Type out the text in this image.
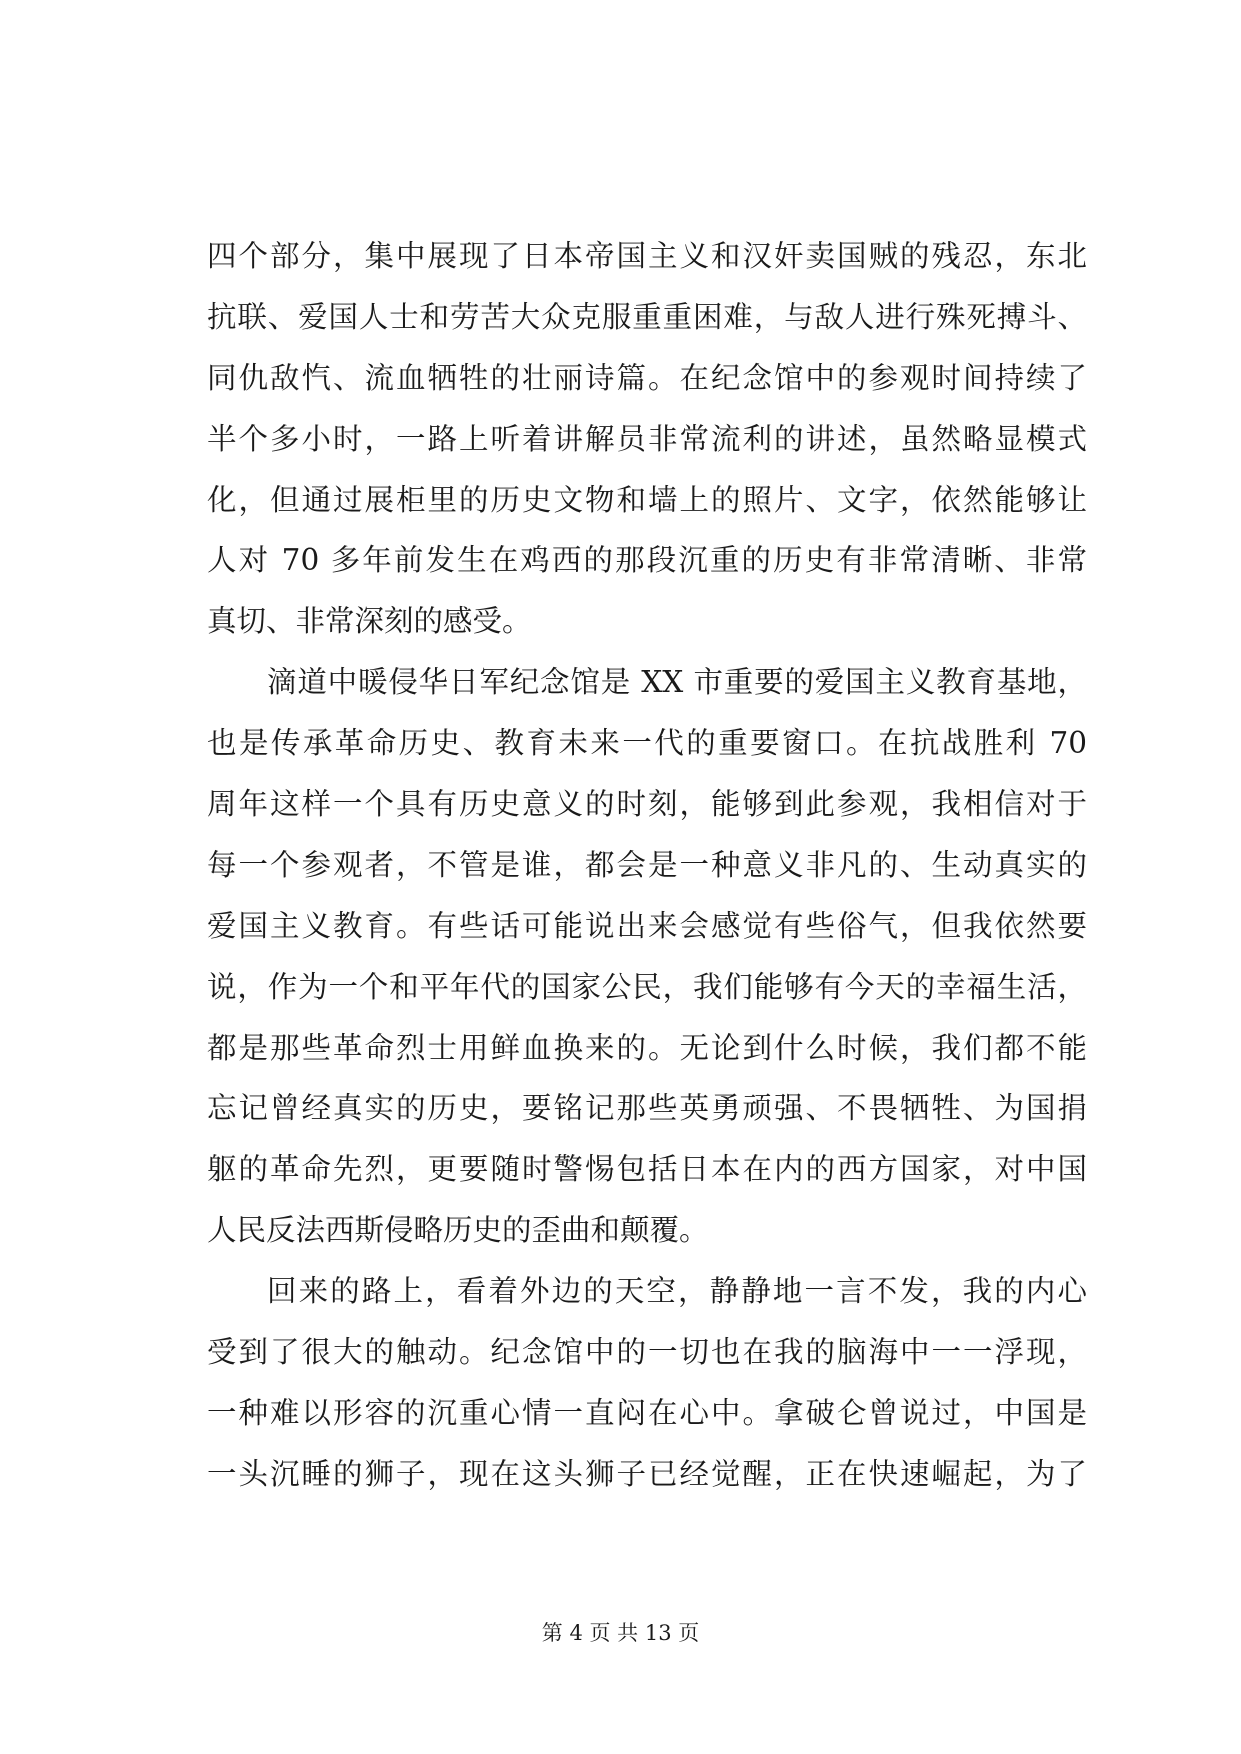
四个部分，集中展现了日本帝国主义和汉奸卖国贼的残忍，东北
抗联、爱国人士和劳苦大众克服重重困难，与敌人进行殊死搏斗、
同仇敌忾、流血牺牲的壮丽诗篇。在纪念馆中的参观时间持续了
半个多小时，一路上听着讲解员非常流利的讲述，虽然略显模式
化，但通过展柜里的历史文物和墙上的照片、文字，依然能够让
人对 70 多年前发生在鸡西的那段沉重的历史有非常清晰、非常
真切、非常深刻的感受。
滴道中暖侵华日军纪念馆是 XX 市重要的爱国主义教育基地，
也是传承革命历史、教育未来一代的重要窗口。在抗战胜利 70
周年这样一个具有历史意义的时刻，能够到此参观，我相信对于
每一个参观者，不管是谁，都会是一种意义非凡的、生动真实的
爱国主义教育。有些话可能说出来会感觉有些俗气，但我依然要
说，作为一个和平年代的国家公民，我们能够有今天的幸福生活，
都是那些革命烈士用鲜血换来的。无论到什么时候，我们都不能
忘记曾经真实的历史，要铭记那些英勇顽强、不畏牺牲、为国捐
躯的革命先烈，更要随时警惕包括日本在内的西方国家，对中国
人民反法西斯侵略历史的歪曲和颠覆。
回来的路上，看着外边的天空，静静地一言不发，我的内心
受到了很大的触动。纪念馆中的一切也在我的脑海中一一浮现，
一种难以形容的沉重心情一直闷在心中。拿破仑曾说过，中国是
一头沉睡的狮子，现在这头狮子已经觉醒，正在快速崛起，为了
第 4 页 共 13 页
